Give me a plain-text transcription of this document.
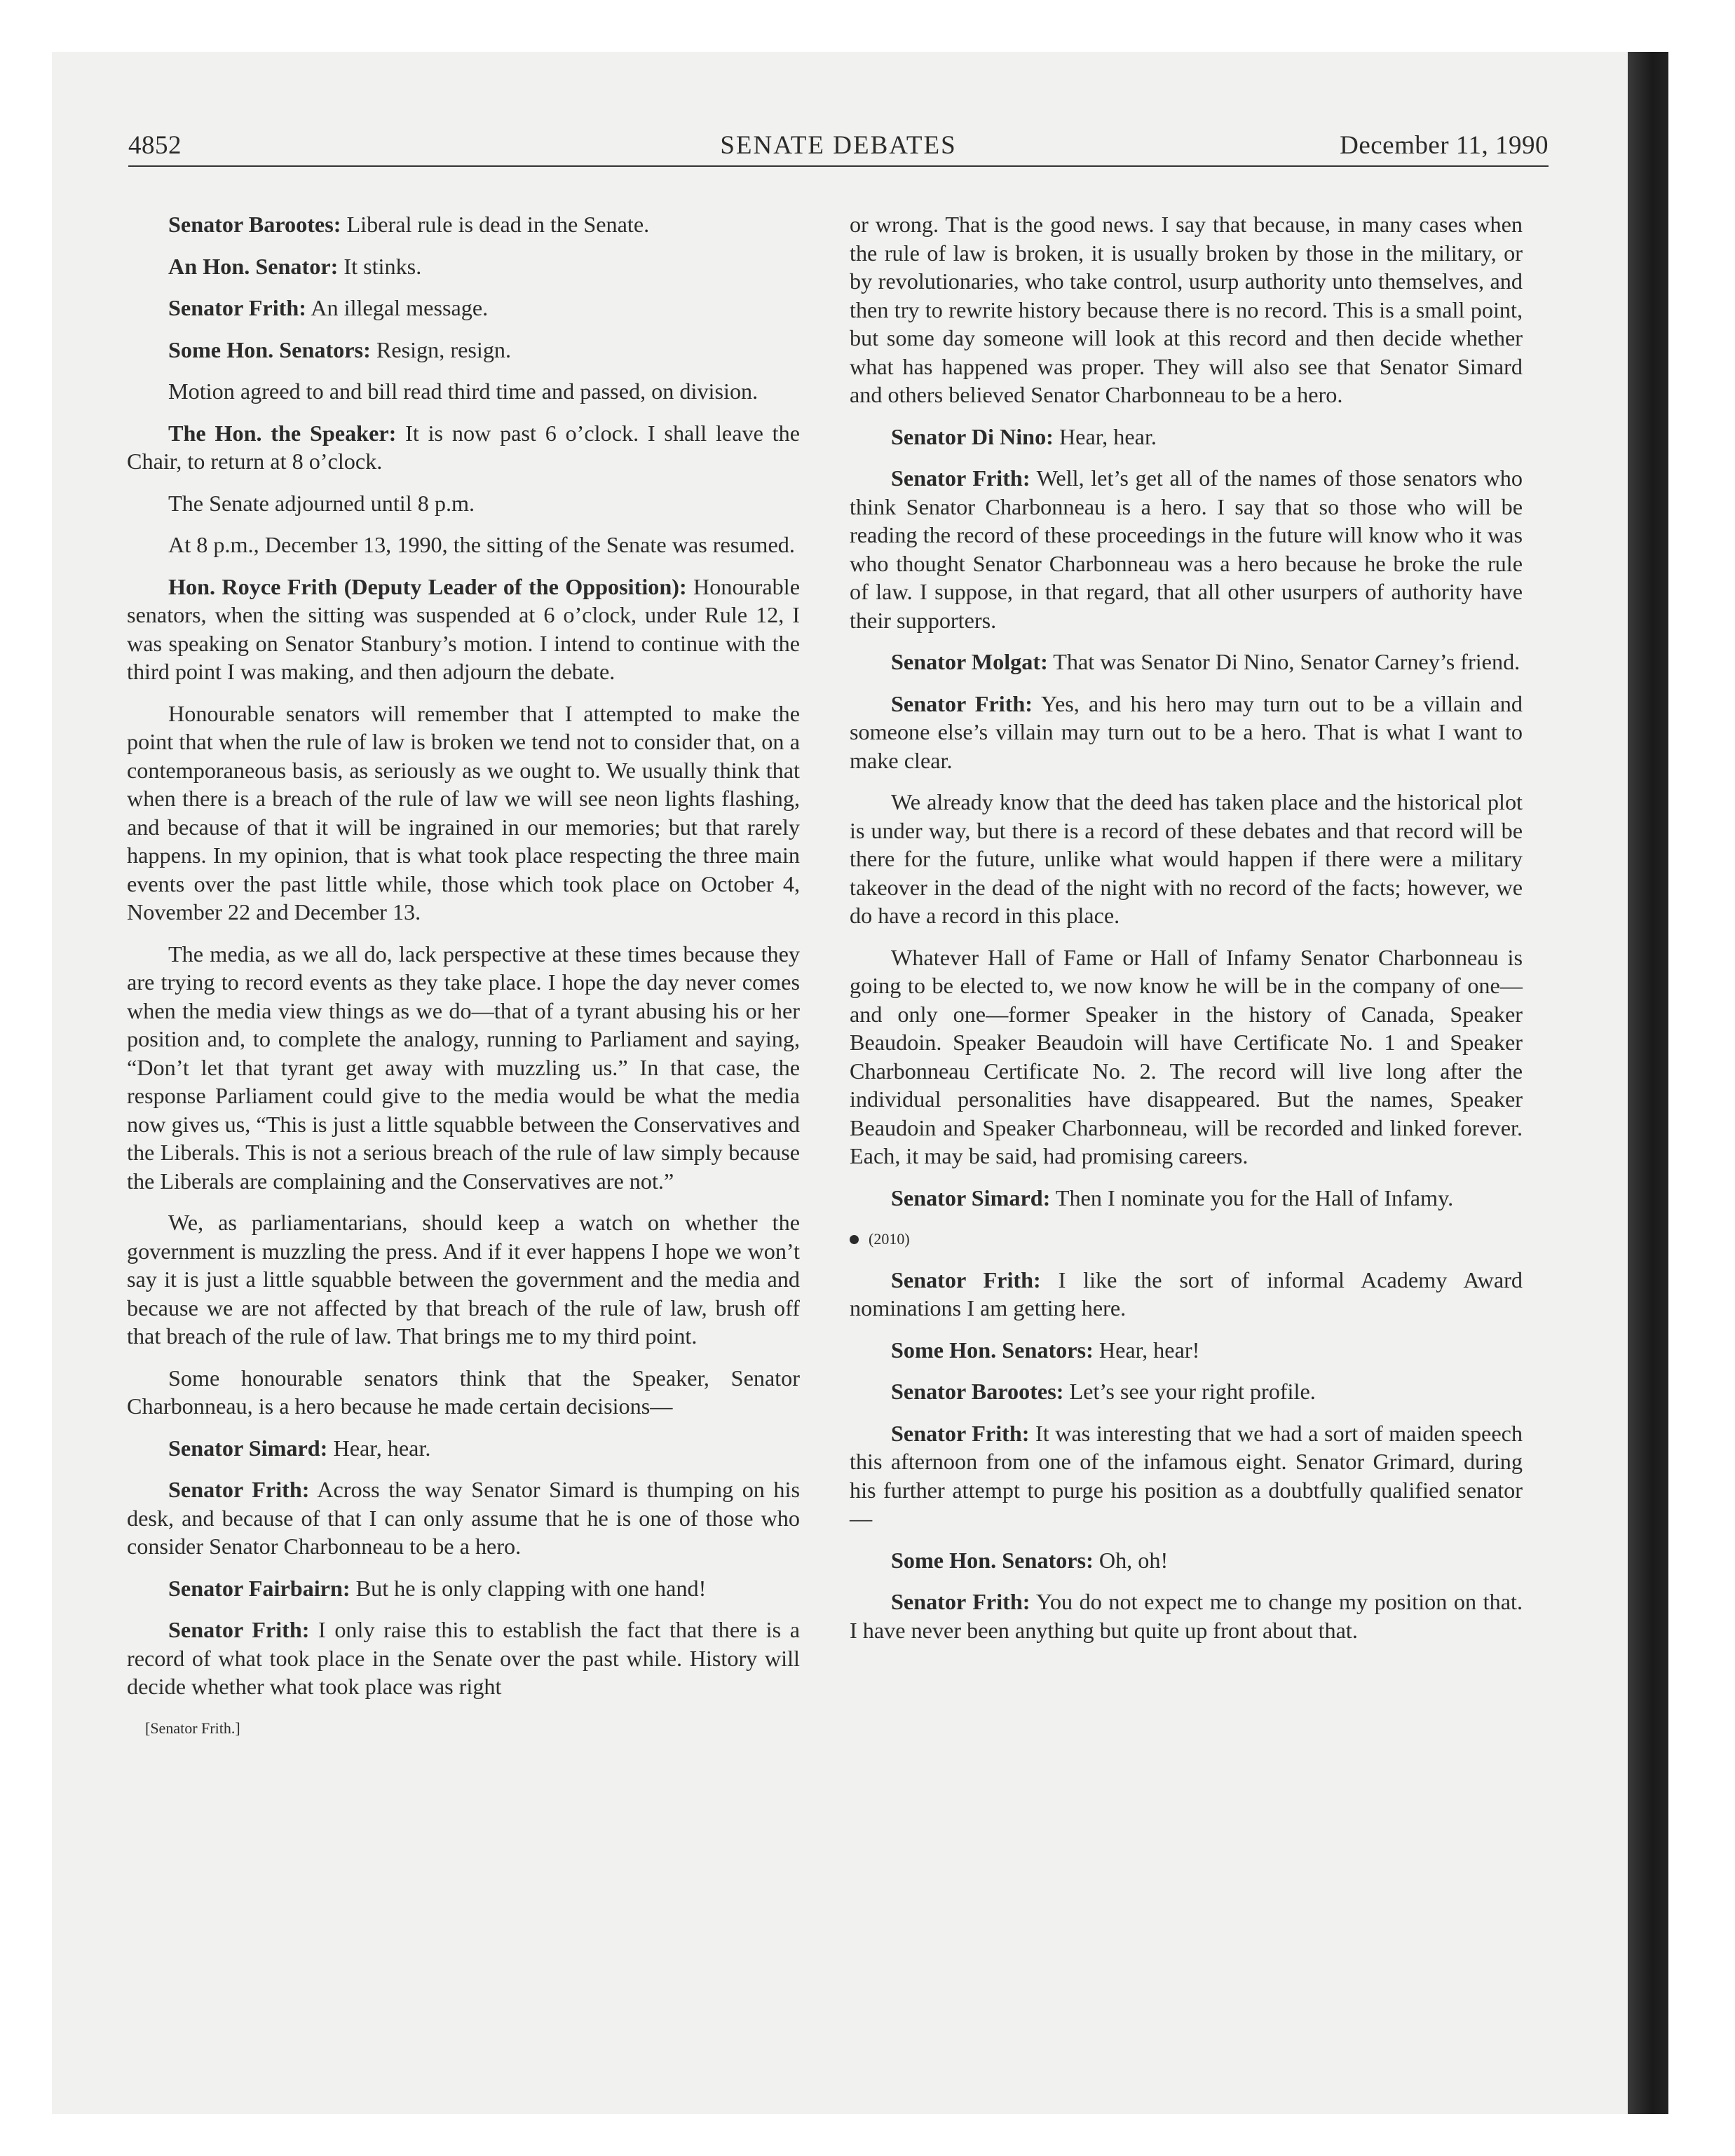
4852	SENATE DEBATES	December 11, 1990

Senator Barootes: Liberal rule is dead in the Senate.

An Hon. Senator: It stinks.

Senator Frith: An illegal message.

Some Hon. Senators: Resign, resign.

Motion agreed to and bill read third time and passed, on division.

The Hon. the Speaker: It is now past 6 o’clock. I shall leave the Chair, to return at 8 o’clock.

The Senate adjourned until 8 p.m.

At 8 p.m., December 13, 1990, the sitting of the Senate was resumed.

Hon. Royce Frith (Deputy Leader of the Opposition): Honourable senators, when the sitting was suspended at 6 o’clock, under Rule 12, I was speaking on Senator Stanbury’s motion. I intend to continue with the third point I was making, and then adjourn the debate.

Honourable senators will remember that I attempted to make the point that when the rule of law is broken we tend not to consider that, on a contemporaneous basis, as seriously as we ought to. We usually think that when there is a breach of the rule of law we will see neon lights flashing, and because of that it will be ingrained in our memories; but that rarely happens. In my opinion, that is what took place respecting the three main events over the past little while, those which took place on October 4, November 22 and December 13.

The media, as we all do, lack perspective at these times because they are trying to record events as they take place. I hope the day never comes when the media view things as we do—that of a tyrant abusing his or her position and, to complete the analogy, running to Parliament and saying, “Don’t let that tyrant get away with muzzling us.” In that case, the response Parliament could give to the media would be what the media now gives us, “This is just a little squabble between the Conservatives and the Liberals. This is not a serious breach of the rule of law simply because the Liberals are complaining and the Conservatives are not.”

We, as parliamentarians, should keep a watch on whether the government is muzzling the press. And if it ever happens I hope we won’t say it is just a little squabble between the government and the media and because we are not affected by that breach of the rule of law, brush off that breach of the rule of law. That brings me to my third point.

Some honourable senators think that the Speaker, Senator Charbonneau, is a hero because he made certain decisions—

Senator Simard: Hear, hear.

Senator Frith: Across the way Senator Simard is thumping on his desk, and because of that I can only assume that he is one of those who consider Senator Charbonneau to be a hero.

Senator Fairbairn: But he is only clapping with one hand!

Senator Frith: I only raise this to establish the fact that there is a record of what took place in the Senate over the past while. History will decide whether what took place was right

[Senator Frith.]

or wrong. That is the good news. I say that because, in many cases when the rule of law is broken, it is usually broken by those in the military, or by revolutionaries, who take control, usurp authority unto themselves, and then try to rewrite history because there is no record. This is a small point, but some day someone will look at this record and then decide whether what has happened was proper. They will also see that Senator Simard and others believed Senator Charbonneau to be a hero.

Senator Di Nino: Hear, hear.

Senator Frith: Well, let’s get all of the names of those senators who think Senator Charbonneau is a hero. I say that so those who will be reading the record of these proceedings in the future will know who it was who thought Senator Charbonneau was a hero because he broke the rule of law. I suppose, in that regard, that all other usurpers of authority have their supporters.

Senator Molgat: That was Senator Di Nino, Senator Carney’s friend.

Senator Frith: Yes, and his hero may turn out to be a villain and someone else’s villain may turn out to be a hero. That is what I want to make clear.

We already know that the deed has taken place and the historical plot is under way, but there is a record of these debates and that record will be there for the future, unlike what would happen if there were a military takeover in the dead of the night with no record of the facts; however, we do have a record in this place.

Whatever Hall of Fame or Hall of Infamy Senator Charbonneau is going to be elected to, we now know he will be in the company of one—and only one—former Speaker in the history of Canada, Speaker Beaudoin. Speaker Beaudoin will have Certificate No. 1 and Speaker Charbonneau Certificate No. 2. The record will live long after the individual personalities have disappeared. But the names, Speaker Beaudoin and Speaker Charbonneau, will be recorded and linked forever. Each, it may be said, had promising careers.

Senator Simard: Then I nominate you for the Hall of Infamy.

(2010)

Senator Frith: I like the sort of informal Academy Award nominations I am getting here.

Some Hon. Senators: Hear, hear!

Senator Barootes: Let’s see your right profile.

Senator Frith: It was interesting that we had a sort of maiden speech this afternoon from one of the infamous eight. Senator Grimard, during his further attempt to purge his position as a doubtfully qualified senator—

Some Hon. Senators: Oh, oh!

Senator Frith: You do not expect me to change my position on that. I have never been anything but quite up front about that.
